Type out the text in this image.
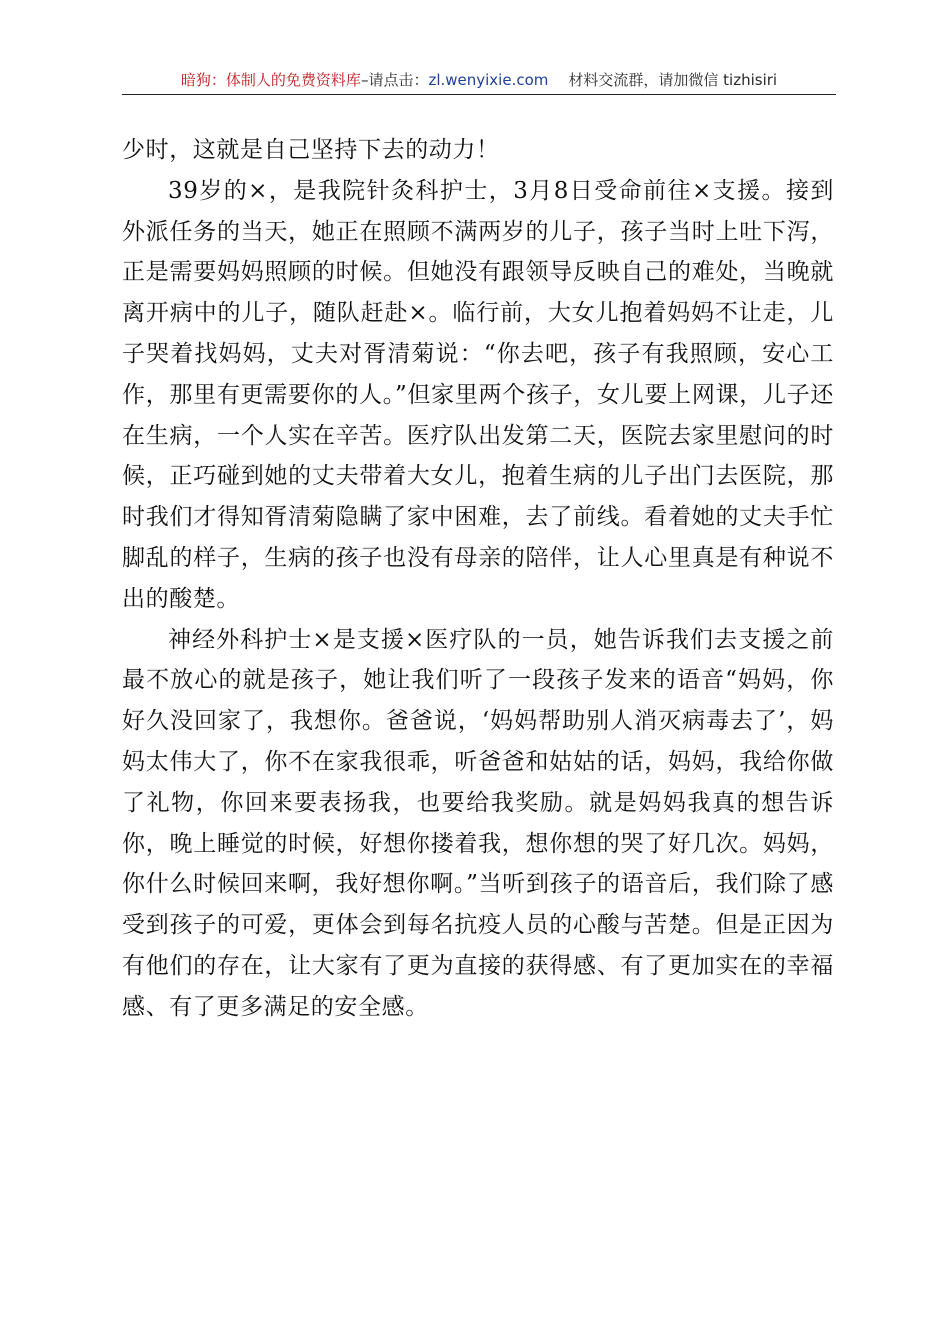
暗狗：体制人的免费资料库–请点击：zl.wenyixie.com 材料交流群，请加微信 tizhisiri

少时，这就是自己坚持下去的动力！

39岁的×，是我院针灸科护士，3月8日受命前往×支援。接到外派任务的当天，她正在照顾不满两岁的儿子，孩子当时上吐下泻，正是需要妈妈照顾的时候。但她没有跟领导反映自己的难处，当晚就离开病中的儿子，随队赶赴×。临行前，大女儿抱着妈妈不让走，儿子哭着找妈妈，丈夫对胥清菊说：“你去吧，孩子有我照顾，安心工作，那里有更需要你的人。”但家里两个孩子，女儿要上网课，儿子还在生病，一个人实在辛苦。医疗队出发第二天，医院去家里慰问的时候，正巧碰到她的丈夫带着大女儿，抱着生病的儿子出门去医院，那时我们才得知胥清菊隐瞒了家中困难，去了前线。看着她的丈夫手忙脚乱的样子，生病的孩子也没有母亲的陪伴，让人心里真是有种说不出的酸楚。

神经外科护士×是支援×医疗队的一员，她告诉我们去支援之前最不放心的就是孩子，她让我们听了一段孩子发来的语音“妈妈，你好久没回家了，我想你。爸爸说，‘妈妈帮助别人消灭病毒去了’，妈妈太伟大了，你不在家我很乖，听爸爸和姑姑的话，妈妈，我给你做了礼物，你回来要表扬我，也要给我奖励。就是妈妈我真的想告诉你，晚上睡觉的时候，好想你搂着我，想你想的哭了好几次。妈妈，你什么时候回来啊，我好想你啊。”当听到孩子的语音后，我们除了感受到孩子的可爱，更体会到每名抗疫人员的心酸与苦楚。但是正因为有他们的存在，让大家有了更为直接的获得感、有了更加实在的幸福感、有了更多满足的安全感。
